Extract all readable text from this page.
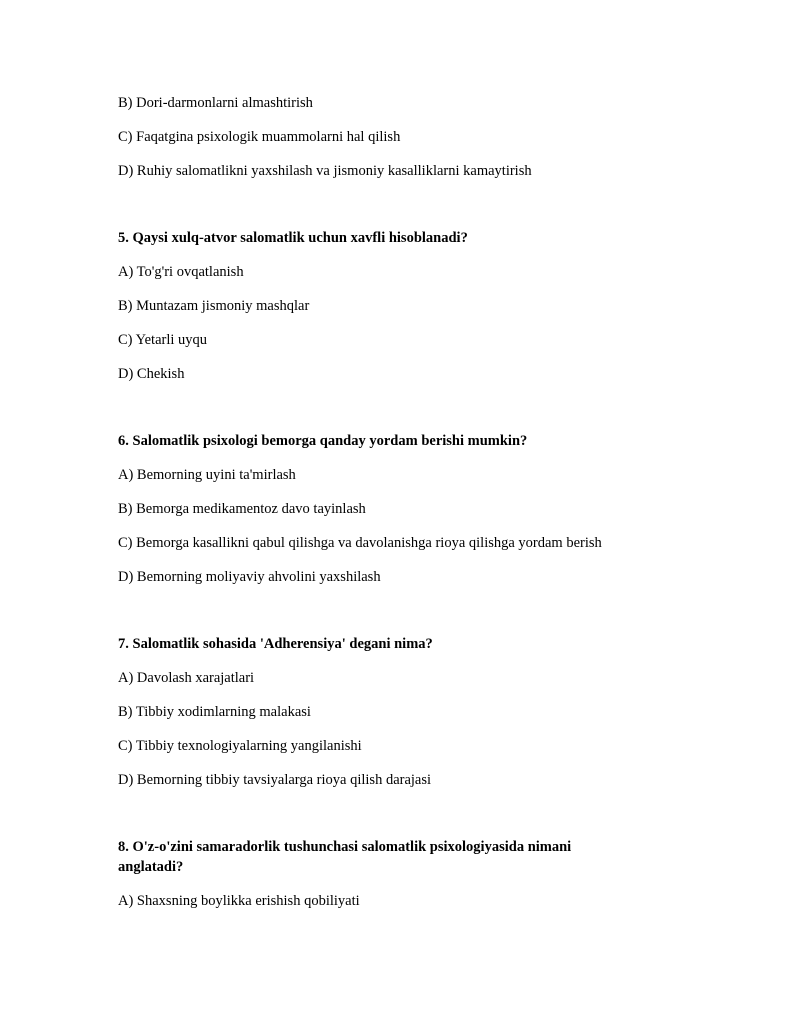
B) Dori-darmonlarni almashtirish
C) Faqatgina psixologik muammolarni hal qilish
D) Ruhiy salomatlikni yaxshilash va jismoniy kasalliklarni kamaytirish
5. Qaysi xulq-atvor salomatlik uchun xavfli hisoblanadi?
A) To'g'ri ovqatlanish
B) Muntazam jismoniy mashqlar
C) Yetarli uyqu
D) Chekish
6. Salomatlik psixologi bemorga qanday yordam berishi mumkin?
A) Bemorning uyini ta'mirlash
B) Bemorga medikamentoz davo tayinlash
C) Bemorga kasallikni qabul qilishga va davolanishga rioya qilishga yordam berish
D) Bemorning moliyaviy ahvolini yaxshilash
7. Salomatlik sohasida 'Adherensiya' degani nima?
A) Davolash xarajatlari
B) Tibbiy xodimlarning malakasi
C) Tibbiy texnologiyalarning yangilanishi
D) Bemorning tibbiy tavsiyalarga rioya qilish darajasi
8. O'z-o'zini samaradorlik tushunchasi salomatlik psixologiyasida nimani anglatadi?
A) Shaxsning boylikka erishish qobiliyati
